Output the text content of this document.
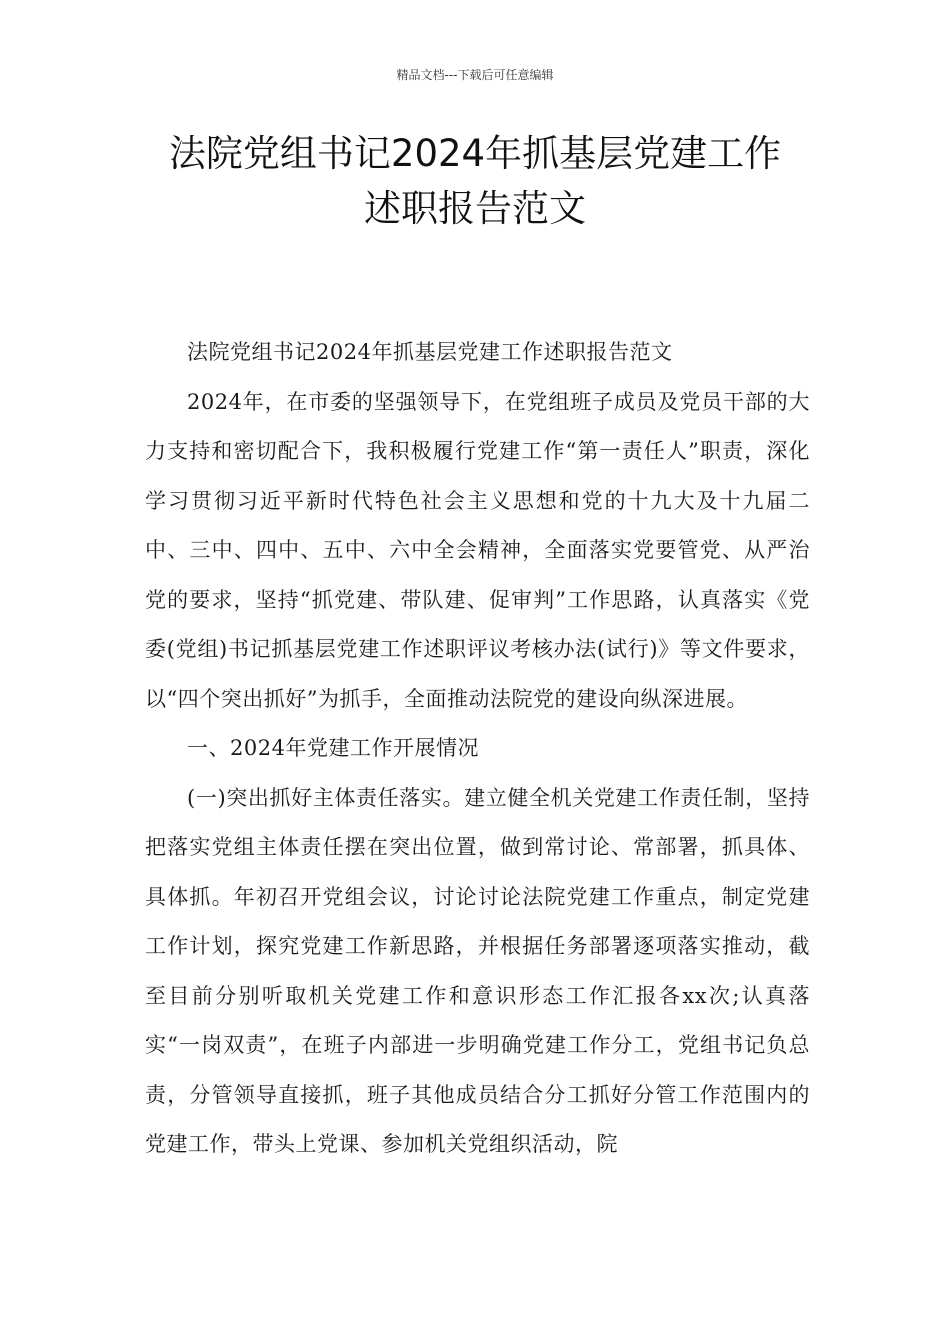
精品文档---下载后可任意编辑
法院党组书记2024年抓基层党建工作
述职报告范文

法院党组书记2024年抓基层党建工作述职报告范文

2024年，在市委的坚强领导下，在党组班子成员及党员干部的大力支持和密切配合下，我积极履行党建工作“第一责任人”职责，深化学习贯彻习近平新时代特色社会主义思想和党的十九大及十九届二中、三中、四中、五中、六中全会精神，全面落实党要管党、从严治党的要求，坚持“抓党建、带队建、促审判”工作思路，认真落实《党委(党组)书记抓基层党建工作述职评议考核办法(试行)》等文件要求，以“四个突出抓好”为抓手，全面推动法院党的建设向纵深进展。

一、2024年党建工作开展情况

(一)突出抓好主体责任落实。建立健全机关党建工作责任制，坚持把落实党组主体责任摆在突出位置，做到常讨论、常部署，抓具体、具体抓。年初召开党组会议，讨论讨论法院党建工作重点，制定党建工作计划，探究党建工作新思路，并根据任务部署逐项落实推动，截至目前分别听取机关党建工作和意识形态工作汇报各xx次;认真落实“一岗双责”，在班子内部进一步明确党建工作分工，党组书记负总责，分管领导直接抓，班子其他成员结合分工抓好分管工作范围内的党建工作，带头上党课、参加机关党组织活动，院
